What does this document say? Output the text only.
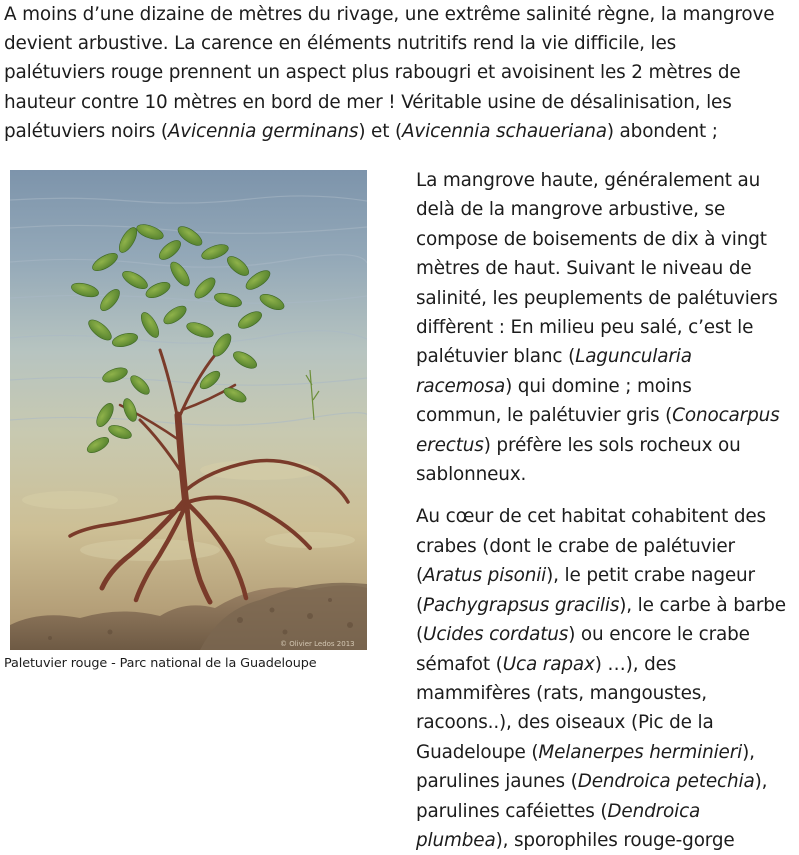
A moins d’une dizaine de mètres du rivage, une extrême salinité règne, la mangrove
devient arbustive. La carence en éléments nutritifs rend la vie difficile, les
palétuviers rouge prennent un aspect plus rabougri et avoisinent les 2 mètres de
hauteur contre 10 mètres en bord de mer ! Véritable usine de désalinisation, les
palétuviers noirs (Avicennia germinans) et (Avicennia schaueriana) abondent ;

© Olivier Ledos 2013

Paletuvier rouge - Parc national de la Guadeloupe

La mangrove haute, généralement au
delà de la mangrove arbustive, se
compose de boisements de dix à vingt
mètres de haut. Suivant le niveau de
salinité, les peuplements de palétuviers
diffèrent : En milieu peu salé, c’est le
palétuvier blanc (Laguncularia
racemosa) qui domine ; moins
commun, le palétuvier gris (Conocarpus
erectus) préfère les sols rocheux ou
sablonneux.

Au cœur de cet habitat cohabitent des
crabes (dont le crabe de palétuvier
(Aratus pisonii), le petit crabe nageur
(Pachygrapsus gracilis), le carbe à barbe
(Ucides cordatus) ou encore le crabe
sémafot (Uca rapax) …), des
mammifères (rats, mangoustes,
racoons..), des oiseaux (Pic de la
Guadeloupe (Melanerpes herminieri),
parulines jaunes (Dendroica petechia),
parulines caféiettes (Dendroica
plumbea), sporophiles rouge-gorge
